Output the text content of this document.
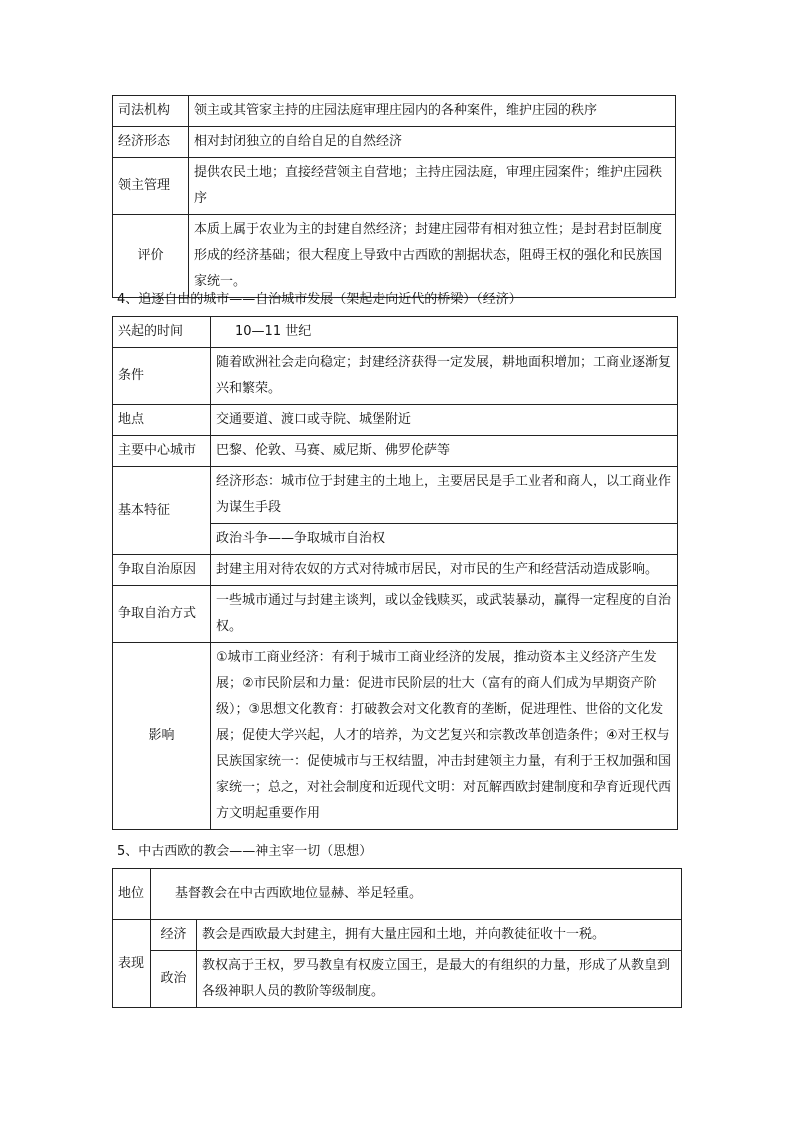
司法机构	领主或其管家主持的庄园法庭审理庄园内的各种案件，维护庄园的秩序
经济形态	相对封闭独立的自给自足的自然经济
领主管理	提供农民土地；直接经营领主自营地；主持庄园法庭，审理庄园案件；维护庄园秩序
评价	本质上属于农业为主的封建自然经济；封建庄园带有相对独立性；是封君封臣制度形成的经济基础；很大程度上导致中古西欧的割据状态，阻碍王权的强化和民族国家统一。
4、追逐自由的城市——自治城市发展（架起走向近代的桥梁）（经济）
兴起的时间	10—11 世纪
条件	随着欧洲社会走向稳定；封建经济获得一定发展，耕地面积增加；工商业逐渐复兴和繁荣。
地点	交通要道、渡口或寺院、城堡附近
主要中心城市	巴黎、伦敦、马赛、威尼斯、佛罗伦萨等
基本特征	经济形态：城市位于封建主的土地上，主要居民是手工业者和商人，以工商业作为谋生手段
	政治斗争——争取城市自治权
争取自治原因	封建主用对待农奴的方式对待城市居民，对市民的生产和经营活动造成影响。
争取自治方式	一些城市通过与封建主谈判，或以金钱赎买，或武装暴动，赢得一定程度的自治权。
影响	①城市工商业经济：有利于城市工商业经济的发展，推动资本主义经济产生发展；②市民阶层和力量：促进市民阶层的壮大（富有的商人们成为早期资产阶级）；③思想文化教育：打破教会对文化教育的垄断，促进理性、世俗的文化发展；促使大学兴起，人才的培养，为文艺复兴和宗教改革创造条件；④对王权与民族国家统一：促使城市与王权结盟，冲击封建领主力量，有利于王权加强和国家统一；总之，对社会制度和近现代文明：对瓦解西欧封建制度和孕育近现代西方文明起重要作用
5、中古西欧的教会——神主宰一切（思想）
地位	基督教会在中古西欧地位显赫、举足轻重。	
表现	经济	教会是西欧最大封建主，拥有大量庄园和土地，并向教徒征收十一税。
	政治	教权高于王权，罗马教皇有权废立国王，是最大的有组织的力量，形成了从教皇到各级神职人员的教阶等级制度。
